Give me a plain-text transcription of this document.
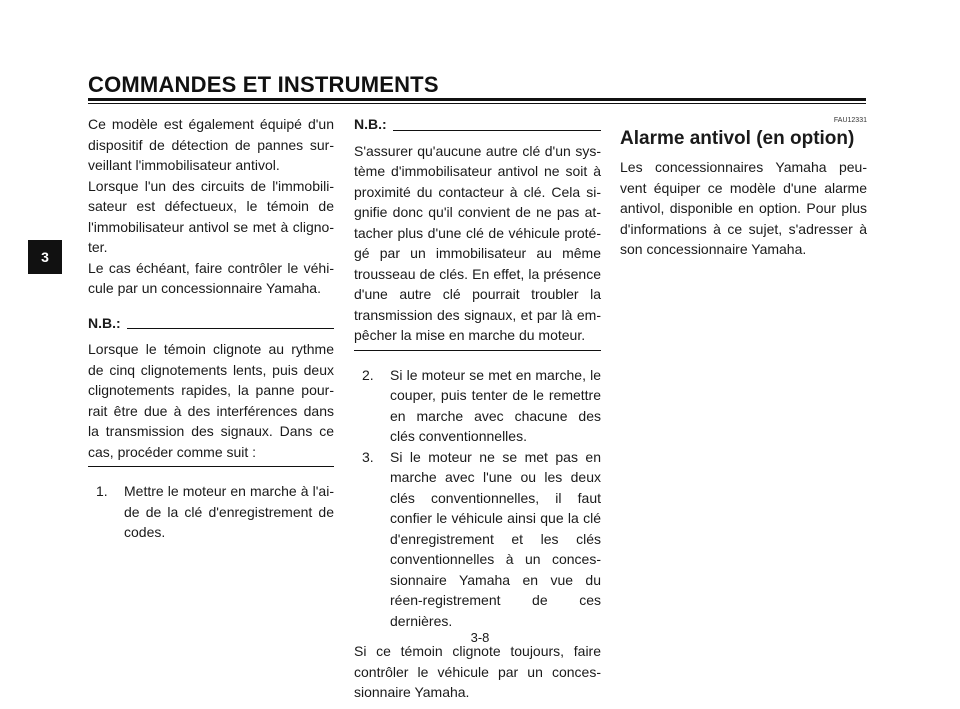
COMMANDES ET INSTRUMENTS
3

Ce modèle est également équipé d'un dispositif de détection de pannes sur-veillant l'immobilisateur antivol.

Lorsque l'un des circuits de l'immobili-sateur est défectueux, le témoin de l'immobilisateur antivol se met à cligno-ter.

Le cas échéant, faire contrôler le véhi-cule par un concessionnaire Yamaha.

N.B.:

Lorsque le témoin clignote au rythme de cinq clignotements lents, puis deux clignotements rapides, la panne pour-rait être due à des interférences dans la transmission des signaux. Dans ce cas, procéder comme suit :

1.	Mettre le moteur en marche à l'ai-de de la clé d'enregistrement de codes.
N.B.:

S'assurer qu'aucune autre clé d'un sys-tème d'immobilisateur antivol ne soit à proximité du contacteur à clé. Cela si-gnifie donc qu'il convient de ne pas at-tacher plus d'une clé de véhicule proté-gé par un immobilisateur au même trousseau de clés. En effet, la présence d'une autre clé pourrait troubler la transmission des signaux, et par là em-pêcher la mise en marche du moteur.

2.	Si le moteur se met en marche, le couper, puis tenter de le remettre en marche avec chacune des clés conventionnelles.
3.	Si le moteur ne se met pas en marche avec l'une ou les deux clés conventionnelles, il faut confier le véhicule ainsi que la clé d'enregistrement et les clés conventionnelles à un conces-sionnaire Yamaha en vue du réen-registrement de ces dernières.

Si ce témoin clignote toujours, faire contrôler le véhicule par un conces-sionnaire Yamaha.

FAU12331
Alarme antivol (en option)

Les concessionnaires Yamaha peu-vent équiper ce modèle d'une alarme antivol, disponible en option. Pour plus d'informations à ce sujet, s'adresser à son concessionnaire Yamaha.

3-8
